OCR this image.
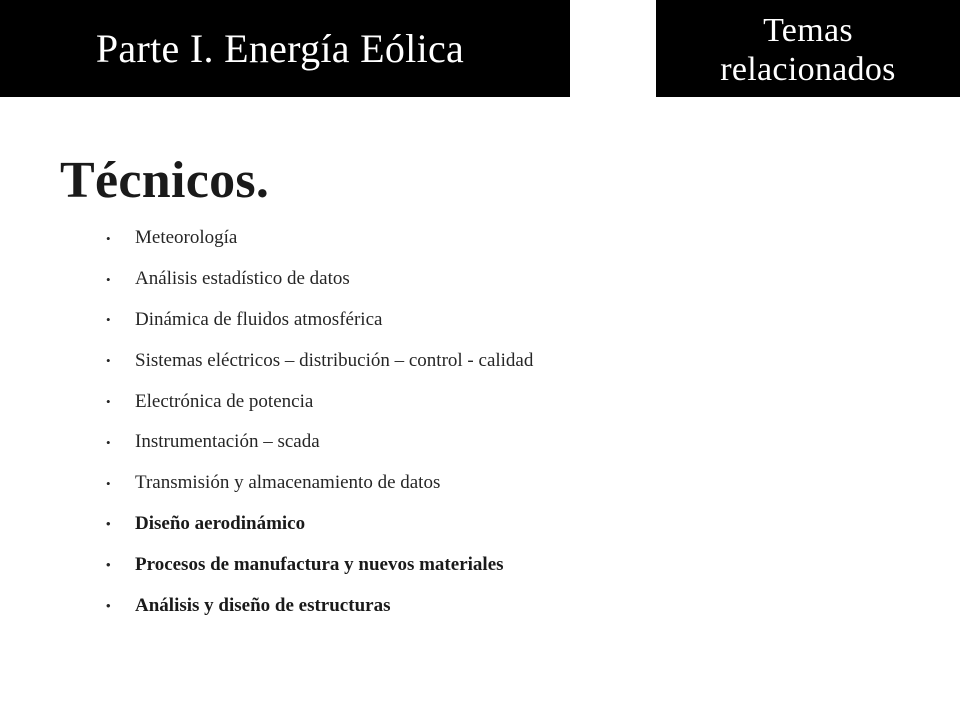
Parte I. Energía Eólica	Temas
relacionados
Técnicos.
•	Meteorología
•	Análisis estadístico de datos
•	Dinámica de fluidos atmosférica
•	Sistemas eléctricos – distribución – control - calidad
•	Electrónica de potencia
•	Instrumentación – scada
•	Transmisión y almacenamiento de datos
•	Diseño aerodinámico
•	Procesos de manufactura y nuevos materiales
•	Análisis y diseño de estructuras
